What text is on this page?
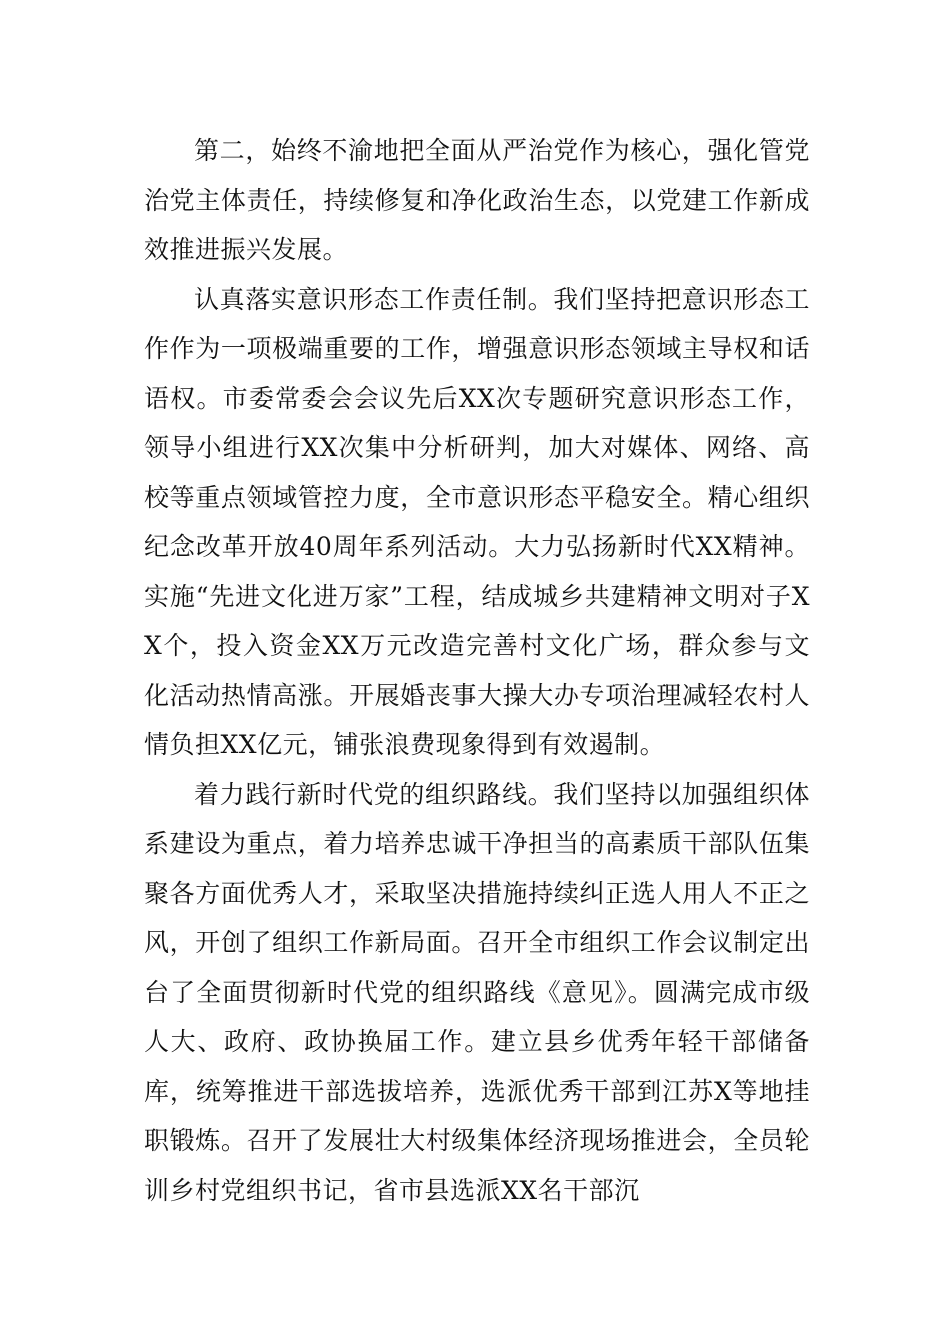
第二，始终不渝地把全面从严治党作为核心，强化管党治党主体责任，持续修复和净化政治生态，以党建工作新成效推进振兴发展。

认真落实意识形态工作责任制。我们坚持把意识形态工作作为一项极端重要的工作，增强意识形态领域主导权和话语权。市委常委会会议先后XX次专题研究意识形态工作，领导小组进行XX次集中分析研判，加大对媒体、网络、高校等重点领域管控力度，全市意识形态平稳安全。精心组织纪念改革开放40周年系列活动。大力弘扬新时代XX精神。实施“先进文化进万家”工程，结成城乡共建精神文明对子XX个，投入资金XX万元改造完善村文化广场，群众参与文化活动热情高涨。开展婚丧事大操大办专项治理减轻农村人情负担XX亿元，铺张浪费现象得到有效遏制。

着力践行新时代党的组织路线。我们坚持以加强组织体系建设为重点，着力培养忠诚干净担当的高素质干部队伍集聚各方面优秀人才，采取坚决措施持续纠正选人用人不正之风，开创了组织工作新局面。召开全市组织工作会议制定出台了全面贯彻新时代党的组织路线《意见》。圆满完成市级人大、政府、政协换届工作。建立县乡优秀年轻干部储备库，统筹推进干部选拔培养，选派优秀干部到江苏X等地挂职锻炼。召开了发展壮大村级集体经济现场推进会，全员轮训乡村党组织书记，省市县选派XX名干部沉
